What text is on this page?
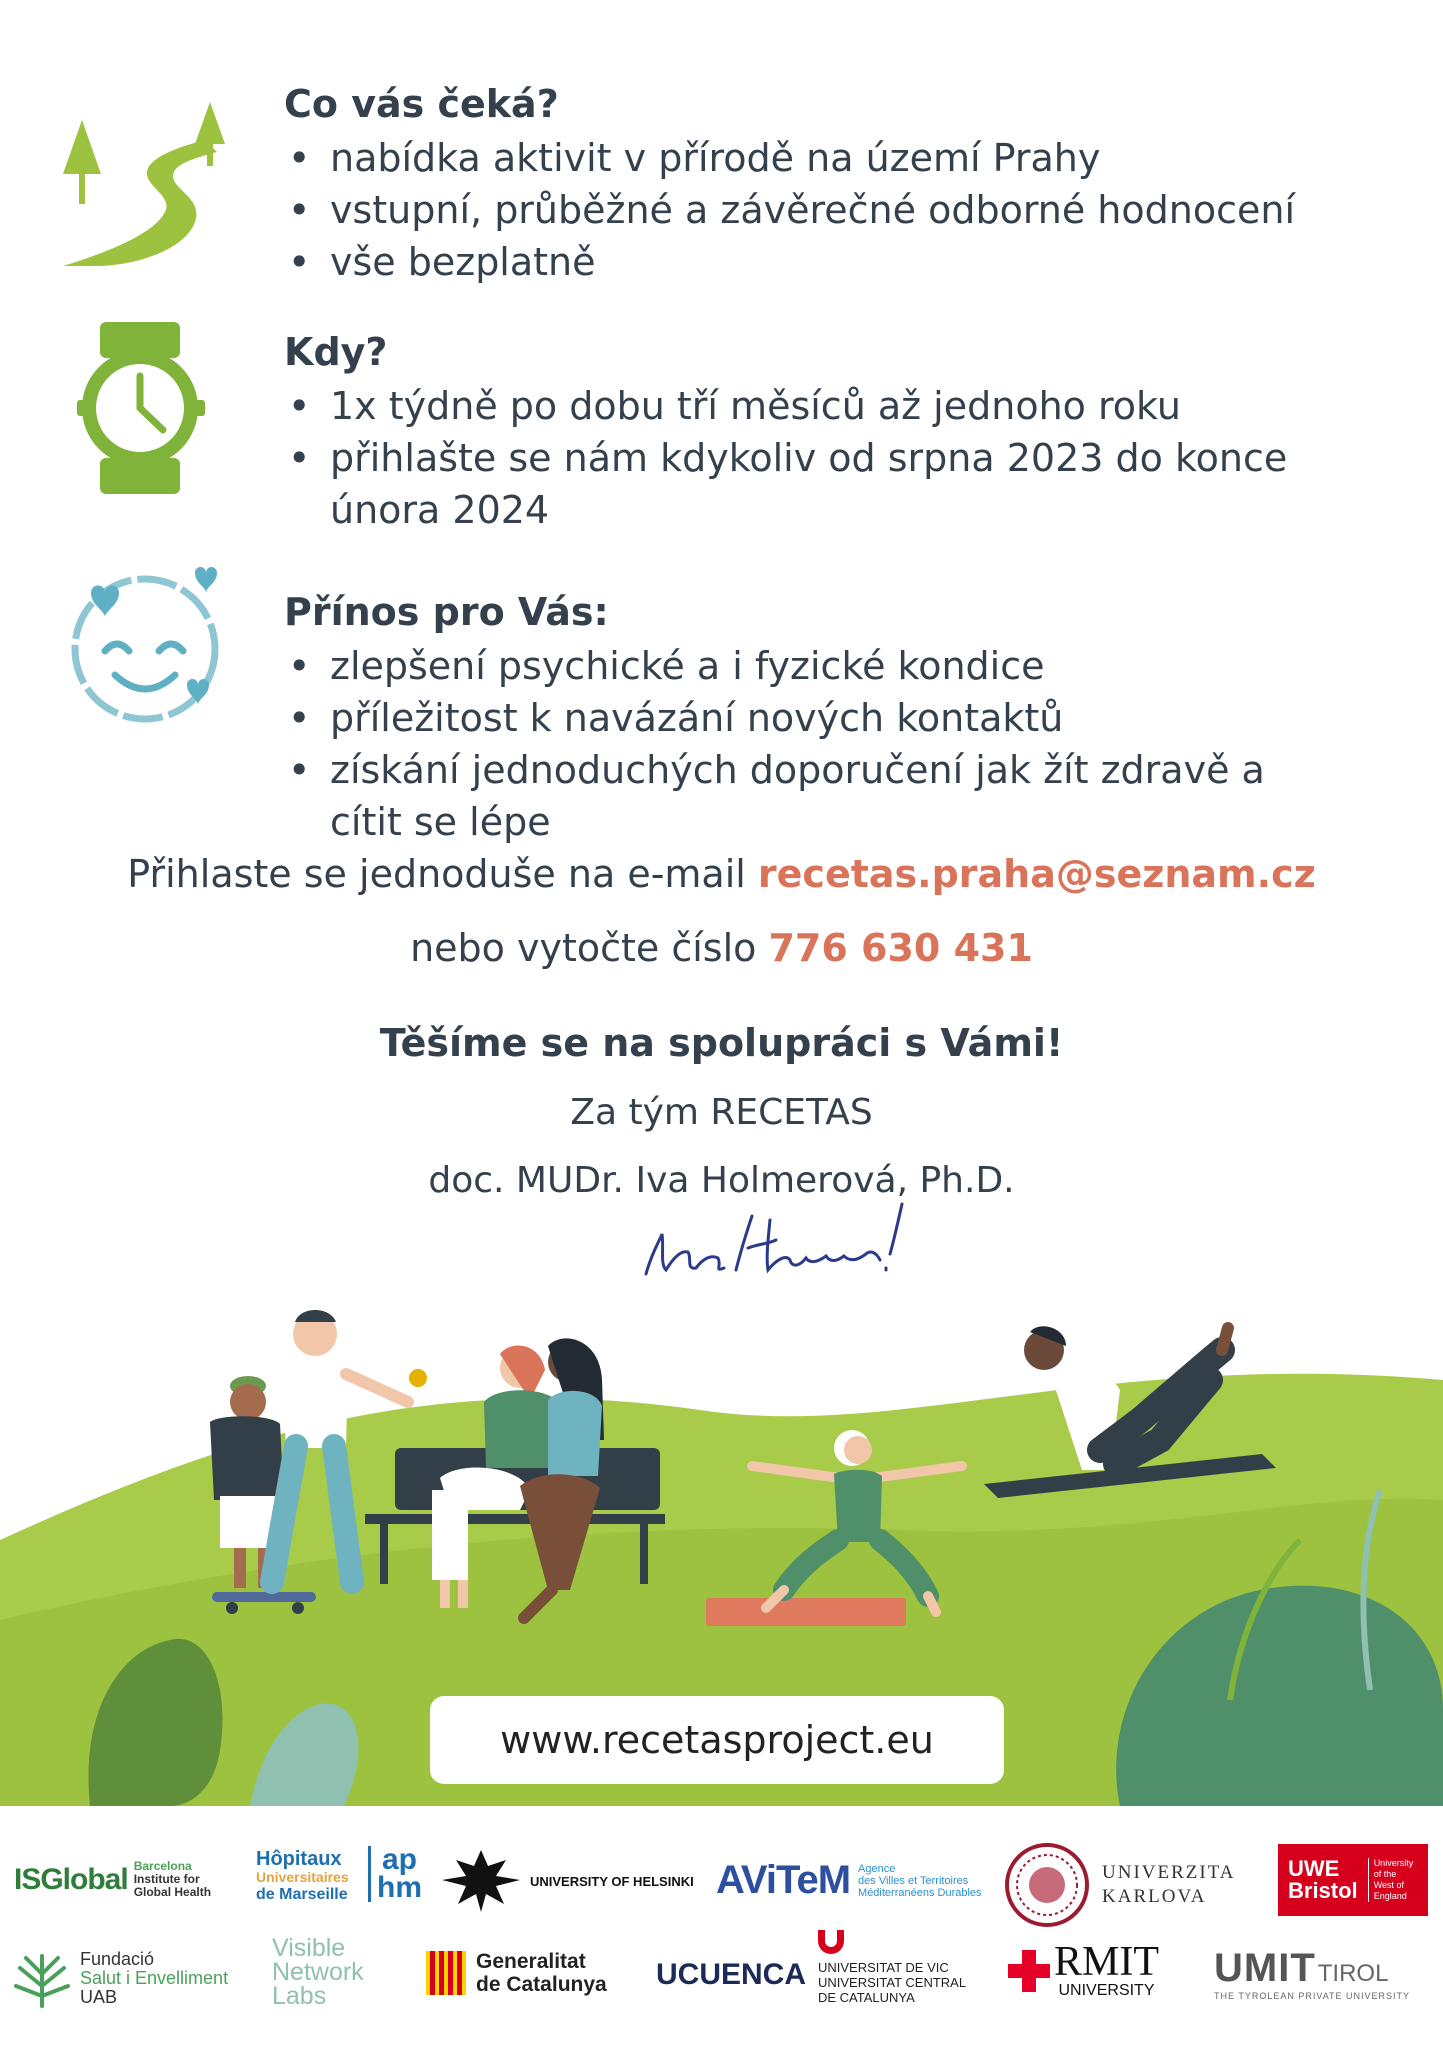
Co vás čeká?
• nabídka aktivit v přírodě na území Prahy
• vstupní, průběžné a závěrečné odborné hodnocení
• vše bezplatně
Kdy?
• 1x týdně po dobu tří měsíců až jednoho roku
• přihlašte se nám kdykoliv od srpna 2023 do konce února 2024
Přínos pro Vás:
• zlepšení psychické a i fyzické kondice
• příležitost k navázání nových kontaktů
• získání jednoduchých doporučení jak žít zdravě a cítit se lépe
Přihlaste se jednoduše na e-mail recetas.praha@seznam.cz
nebo vytočte číslo 776 630 431
Těšíme se na spolupráci s Vámi!
Za tým RECETAS
doc. MUDr. Iva Holmerová, Ph.D.
www.recetasproject.eu
ISGlobal Barcelona
Institute for
Global Health
Hôpitaux
Universitaires
de Marseille
ap
hm	UNIVERSITY OF HELSINKI AViTeM Agence
des Villes et Territoires
Méditerranéens Durables
UNIVERZITA
KARLOVA
UWE
Bristol
University
of the
West of
England
Fundació
Salut i Envelliment
UAB
Visible
Network
Labs
Generalitat
de Catalunya UCUENCA UNIVERSITAT DE VIC
UNIVERSITAT CENTRAL
DE CATALUNYA
RMIT
UNIVERSITY
UMIT TIROL
THE TYROLEAN PRIVATE UNIVERSITY
